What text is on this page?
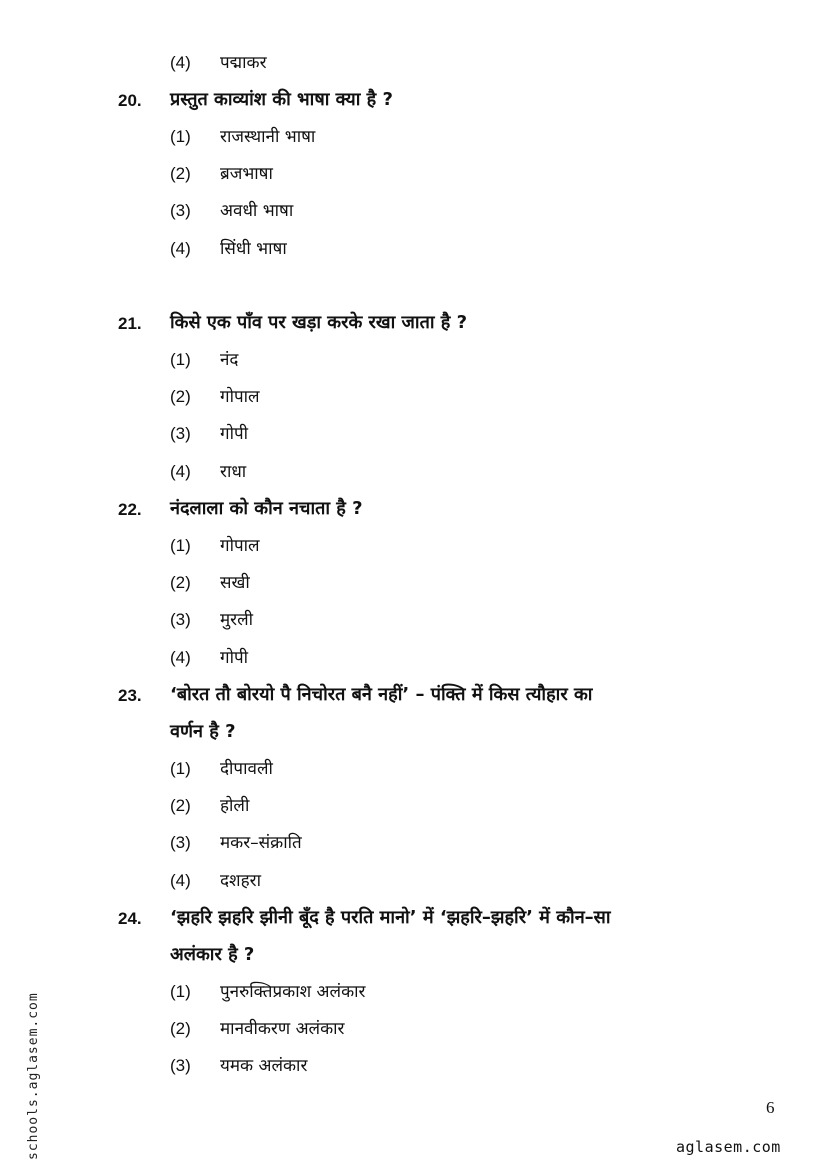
(4) पद्माकर
20. प्रस्तुत काव्यांश की भाषा क्या है ?
(1) राजस्थानी भाषा
(2) ब्रजभाषा
(3) अवधी भाषा
(4) सिंधी भाषा
21. किसे एक पाँव पर खड़ा करके रखा जाता है ?
(1) नंद
(2) गोपाल
(3) गोपी
(4) राधा
22. नंदलाला को कौन नचाता है ?
(1) गोपाल
(2) सखी
(3) मुरली
(4) गोपी
23. ‘बोरत तौ बोरयो पै निचोरत बनै नहीं’ – पंक्ति में किस त्यौहार का
वर्णन है ?
(1) दीपावली
(2) होली
(3) मकर–संक्राति
(4) दशहरा
24. ‘झहरि झहरि झीनी बूँद है परति मानो’ में ‘झहरि–झहरि’ में कौन–सा
अलंकार है ?
(1) पुनरुक्तिप्रकाश अलंकार
(2) मानवीकरण अलंकार
(3) यमक अलंकार
6
aglasem.com
schools.aglasem.com
